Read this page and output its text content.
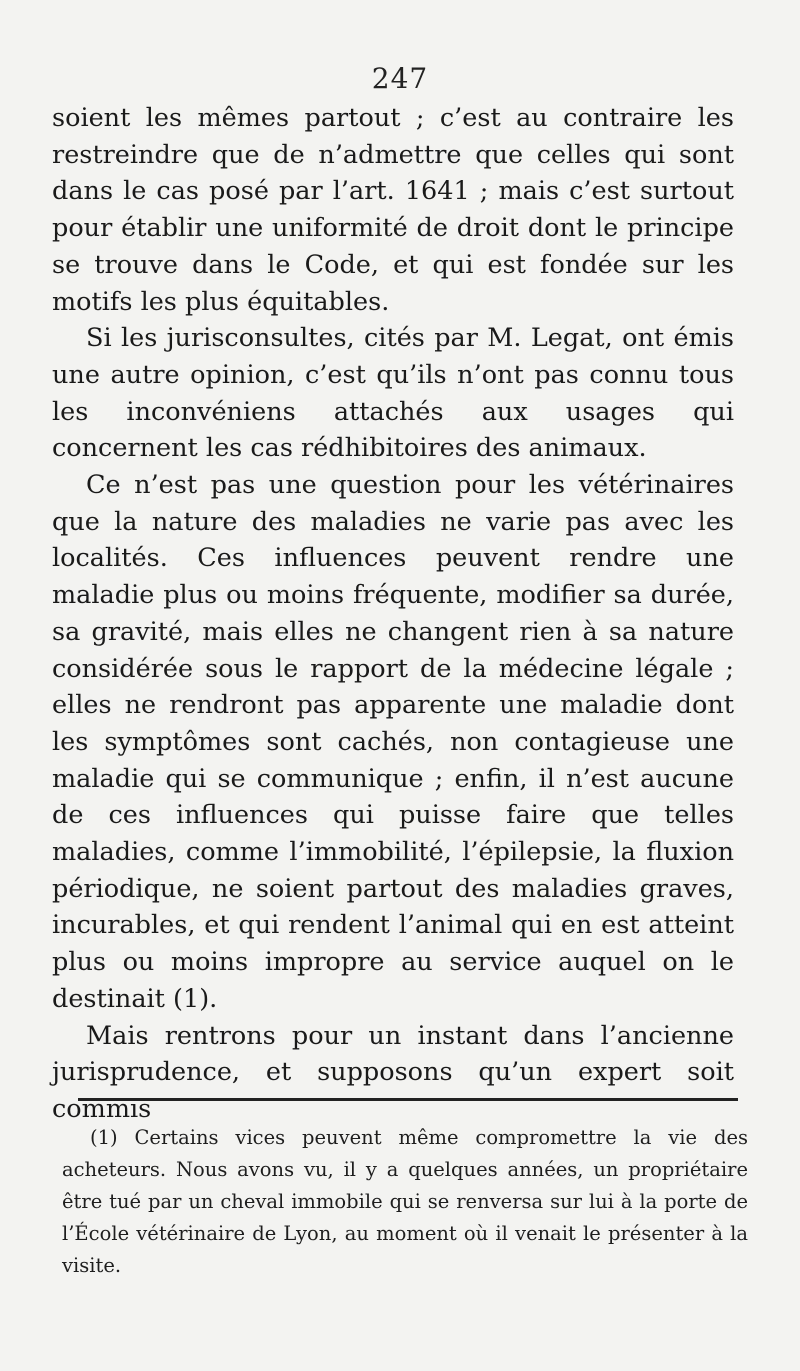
247

soient les mêmes partout ; c’est au contraire les restreindre que de n’admettre que celles qui sont dans le cas posé par l’art. 1641 ; mais c’est surtout pour établir une uniformité de droit dont le principe se trouve dans le Code, et qui est fondée sur les motifs les plus équitables.

Si les jurisconsultes, cités par M. Legat, ont émis une autre opinion, c’est qu’ils n’ont pas connu tous les inconvéniens attachés aux usages qui concernent les cas rédhibitoires des animaux.

Ce n’est pas une question pour les vétérinaires que la nature des maladies ne varie pas avec les localités. Ces influences peuvent rendre une maladie plus ou moins fréquente, modifier sa durée, sa gravité, mais elles ne changent rien à sa nature considérée sous le rapport de la médecine légale ; elles ne rendront pas apparente une maladie dont les symptômes sont cachés, non contagieuse une maladie qui se communique ; enfin, il n’est aucune de ces influences qui puisse faire que telles maladies, comme l’immobilité, l’épilepsie, la fluxion périodique, ne soient partout des maladies graves, incurables, et qui rendent l’animal qui en est atteint plus ou moins impropre au service auquel on le destinait (1).

Mais rentrons pour un instant dans l’ancienne jurisprudence, et supposons qu’un expert soit commis

(1) Certains vices peuvent même compromettre la vie des acheteurs. Nous avons vu, il y a quelques années, un propriétaire être tué par un cheval immobile qui se renversa sur lui à la porte de l’École vétérinaire de Lyon, au moment où il venait le présenter à la visite.
